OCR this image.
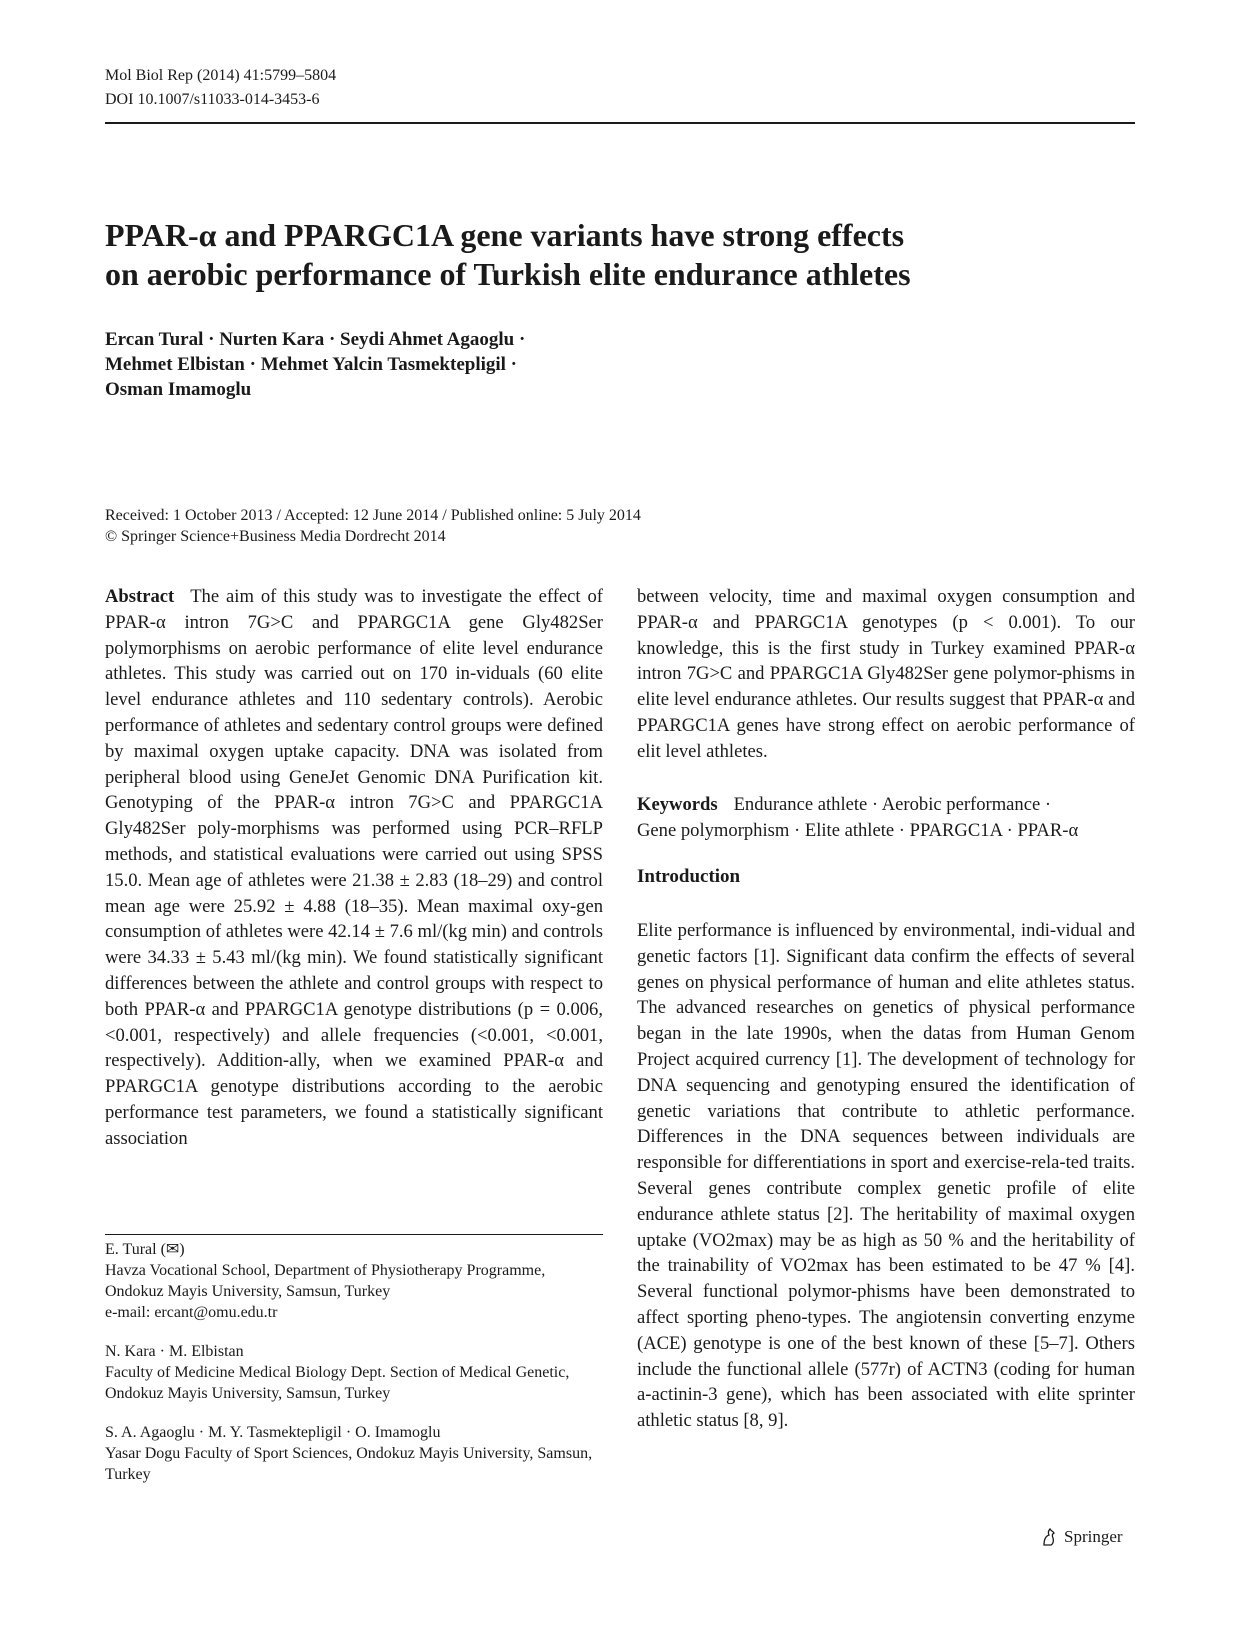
Mol Biol Rep (2014) 41:5799–5804
DOI 10.1007/s11033-014-3453-6
PPAR-α and PPARGC1A gene variants have strong effects
on aerobic performance of Turkish elite endurance athletes
Ercan Tural · Nurten Kara · Seydi Ahmet Agaoglu ·
Mehmet Elbistan · Mehmet Yalcin Tasmektepligil ·
Osman Imamoglu
Received: 1 October 2013 / Accepted: 12 June 2014 / Published online: 5 July 2014
© Springer Science+Business Media Dordrecht 2014
Abstract The aim of this study was to investigate the effect of PPAR-α intron 7G>C and PPARGC1A gene Gly482Ser polymorphisms on aerobic performance of elite level endurance athletes. This study was carried out on 170 in-viduals (60 elite level endurance athletes and 110 sedentary controls). Aerobic performance of athletes and sedentary control groups were defined by maximal oxygen uptake capacity. DNA was isolated from peripheral blood using GeneJet Genomic DNA Purification kit. Genotyping of the PPAR-α intron 7G>C and PPARGC1A Gly482Ser poly-morphisms was performed using PCR–RFLP methods, and statistical evaluations were carried out using SPSS 15.0. Mean age of athletes were 21.38 ± 2.83 (18–29) and control mean age were 25.92 ± 4.88 (18–35). Mean maximal oxy-gen consumption of athletes were 42.14 ± 7.6 ml/(kg min) and controls were 34.33 ± 5.43 ml/(kg min). We found statistically significant differences between the athlete and control groups with respect to both PPAR-α and PPARGC1A genotype distributions (p = 0.006, <0.001, respectively) and allele frequencies (<0.001, <0.001, respectively). Addition-ally, when we examined PPAR-α and PPARGC1A genotype distributions according to the aerobic performance test parameters, we found a statistically significant association
between velocity, time and maximal oxygen consumption and PPAR-α and PPARGC1A genotypes (p < 0.001). To our knowledge, this is the first study in Turkey examined PPAR-α intron 7G>C and PPARGC1A Gly482Ser gene polymor-phisms in elite level endurance athletes. Our results suggest that PPAR-α and PPARGC1A genes have strong effect on aerobic performance of elit level athletes.
Keywords Endurance athlete · Aerobic performance ·
Gene polymorphism · Elite athlete · PPARGC1A · PPAR-α
Introduction
Elite performance is influenced by environmental, indi-vidual and genetic factors [1]. Significant data confirm the effects of several genes on physical performance of human and elite athletes status. The advanced researches on genetics of physical performance began in the late 1990s, when the datas from Human Genom Project acquired currency [1]. The development of technology for DNA sequencing and genotyping ensured the identification of genetic variations that contribute to athletic performance. Differences in the DNA sequences between individuals are responsible for differentiations in sport and exercise-rela-ted traits. Several genes contribute complex genetic profile of elite endurance athlete status [2]. The heritability of maximal oxygen uptake (VO2max) may be as high as 50 % and the heritability of the trainability of VO2max has been estimated to be 47 % [4]. Several functional polymor-phisms have been demonstrated to affect sporting pheno-types. The angiotensin converting enzyme (ACE) genotype is one of the best known of these [5–7]. Others include the functional allele (577r) of ACTN3 (coding for human a-actinin-3 gene), which has been associated with elite sprinter athletic status [8, 9].
E. Tural (✉)
Havza Vocational School, Department of Physiotherapy Programme, Ondokuz Mayis University, Samsun, Turkey
e-mail: ercant@omu.edu.tr
N. Kara · M. Elbistan
Faculty of Medicine Medical Biology Dept. Section of Medical Genetic, Ondokuz Mayis University, Samsun, Turkey
S. A. Agaoglu · M. Y. Tasmektepligil · O. Imamoglu
Yasar Dogu Faculty of Sport Sciences, Ondokuz Mayis University, Samsun, Turkey
Springer
